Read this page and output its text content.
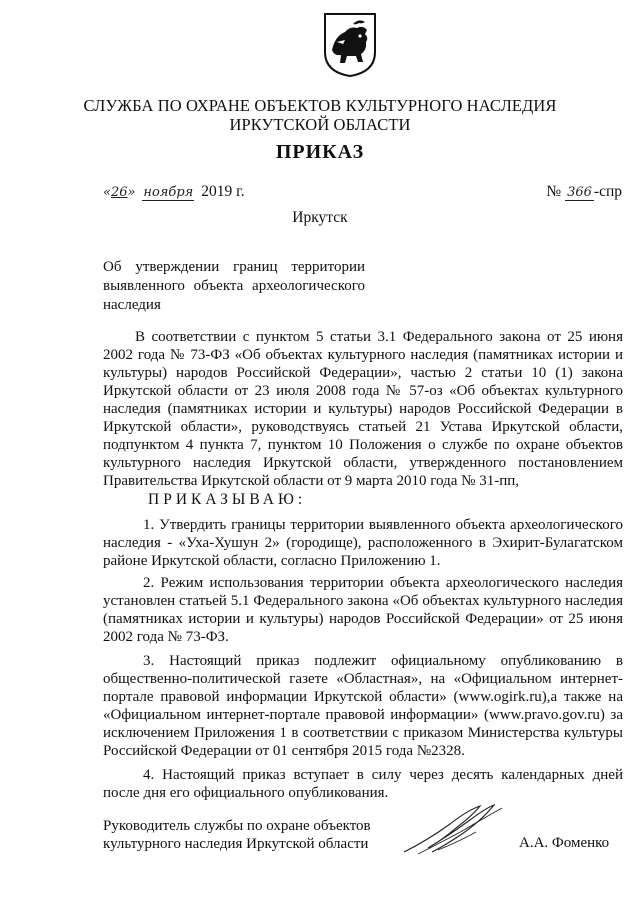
СЛУЖБА ПО ОХРАНЕ ОБЪЕКТОВ КУЛЬТУРНОГО НАСЛЕДИЯ
ИРКУТСКОЙ ОБЛАСТИ
ПРИКАЗ
«26» ноября 2019 г.	№ 366 -спр
Иркутск
Об утверждении границ территории
выявленного объекта археологического
наследия
В соответствии с пунктом 5 статьи 3.1 Федерального закона от 25 июня 2002 года № 73-ФЗ «Об объектах культурного наследия (памятниках истории и культуры) народов Российской Федерации», частью 2 статьи 10 (1) закона Иркутской области от 23 июля 2008 года № 57-оз «Об объектах культурного наследия (памятниках истории и культуры) народов Российской Федерации в Иркутской области», руководствуясь статьей 21 Устава Иркутской области, подпунктом 4 пункта 7, пунктом 10 Положения о службе по охране объектов культурного наследия Иркутской области, утвержденного постановлением Правительства Иркутской области от 9 марта 2010 года № 31-пп,
ПРИКАЗЫВАЮ:
1. Утвердить границы территории выявленного объекта археологического наследия - «Уха-Хушун 2» (городище), расположенного в Эхирит-Булагатском районе Иркутской области, согласно Приложению 1.
2. Режим использования территории объекта археологического наследия установлен статьей 5.1 Федерального закона «Об объектах культурного наследия (памятниках истории и культуры) народов Российской Федерации» от 25 июня 2002 года № 73-ФЗ.
3. Настоящий приказ подлежит официальному опубликованию в общественно-политической газете «Областная», на «Официальном интернет-портале правовой информации Иркутской области» (www.ogirk.ru),а также на «Официальном интернет-портале правовой информации» (www.pravo.gov.ru) за исключением Приложения 1 в соответствии с приказом Министерства культуры Российской Федерации от 01 сентября 2015 года №2328.
4. Настоящий приказ вступает в силу через десять календарных дней после дня его официального опубликования.
Руководитель службы по охране объектов
культурного наследия Иркутской области	А.А. Фоменко
